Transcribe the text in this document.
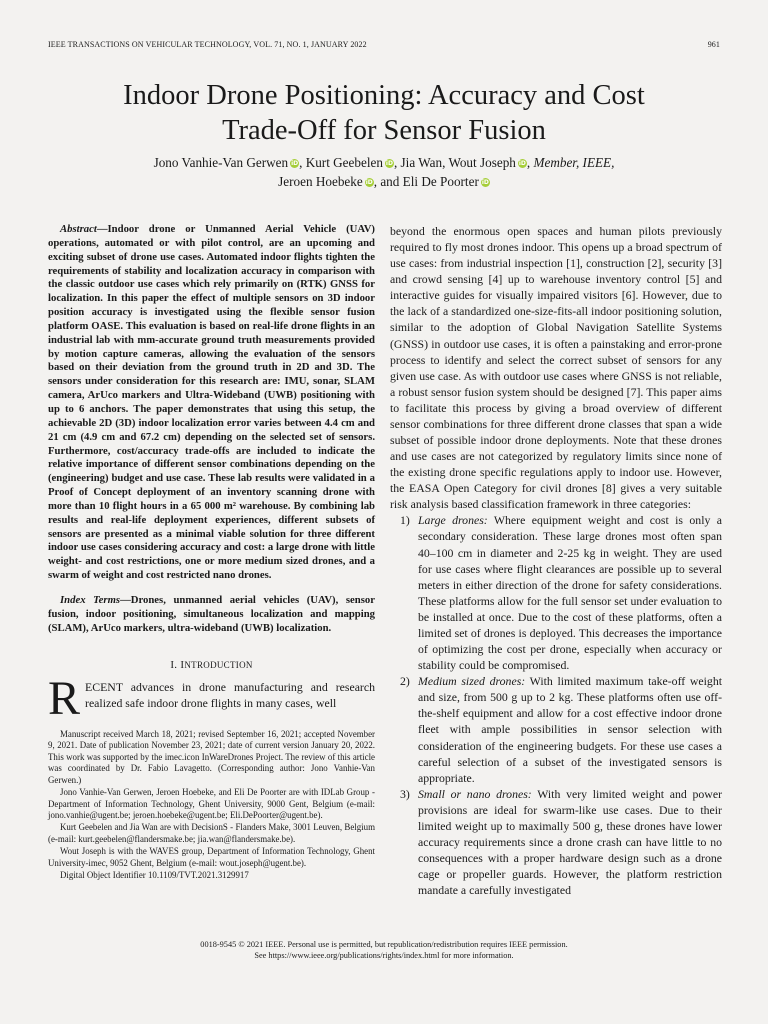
IEEE TRANSACTIONS ON VEHICULAR TECHNOLOGY, VOL. 71, NO. 1, JANUARY 2022	961
Indoor Drone Positioning: Accuracy and Cost
Trade-Off for Sensor Fusion
Jono Vanhie-Van Gerwen iD, Kurt Geebelen iD, Jia Wan, Wout Joseph iD, Member, IEEE,
Jeroen Hoebeke iD, and Eli De Poorter iD

Abstract—Indoor drone or Unmanned Aerial Vehicle (UAV) operations, automated or with pilot control, are an upcoming and exciting subset of drone use cases. Automated indoor flights tighten the requirements of stability and localization accuracy in comparison with the classic outdoor use cases which rely primarily on (RTK) GNSS for localization. In this paper the effect of multiple sensors on 3D indoor position accuracy is investigated using the flexible sensor fusion platform OASE. This evaluation is based on real-life drone flights in an industrial lab with mm-accurate ground truth measurements provided by motion capture cameras, allowing the evaluation of the sensors based on their deviation from the ground truth in 2D and 3D. The sensors under consideration for this research are: IMU, sonar, SLAM camera, ArUco markers and Ultra-Wideband (UWB) positioning with up to 6 anchors. The paper demonstrates that using this setup, the achievable 2D (3D) indoor localization error varies between 4.4 cm and 21 cm (4.9 cm and 67.2 cm) depending on the selected set of sensors. Furthermore, cost/accuracy trade-offs are included to indicate the relative importance of different sensor combinations depending on the (engineering) budget and use case. These lab results were validated in a Proof of Concept deployment of an inventory scanning drone with more than 10 flight hours in a 65 000 m² warehouse. By combining lab results and real-life deployment experiences, different subsets of sensors are presented as a minimal viable solution for three different indoor use cases considering accuracy and cost: a large drone with little weight- and cost restrictions, one or more medium sized drones, and a swarm of weight and cost restricted nano drones.

Index Terms—Drones, unmanned aerial vehicles (UAV), sensor fusion, indoor positioning, simultaneous localization and mapping (SLAM), ArUco markers, ultra-wideband (UWB) localization.

I. INTRODUCTION

RECENT advances in drone manufacturing and research realized safe indoor drone flights in many cases, well

Manuscript received March 18, 2021; revised September 16, 2021; accepted November 9, 2021. Date of publication November 23, 2021; date of current version January 20, 2022. This work was supported by the imec.icon InWareDrones Project. The review of this article was coordinated by Dr. Fabio Lavagetto. (Corresponding author: Jono Vanhie-Van Gerwen.)

Jono Vanhie-Van Gerwen, Jeroen Hoebeke, and Eli De Poorter are with IDLab Group - Department of Information Technology, Ghent University, 9000 Gent, Belgium (e-mail: jono.vanhie@ugent.be; jeroen.hoebeke@ugent.be; Eli.DePoorter@ugent.be).

Kurt Geebelen and Jia Wan are with DecisionS - Flanders Make, 3001 Leuven, Belgium (e-mail: kurt.geebelen@flandersmake.be; jia.wan@flandersmake.be).

Wout Joseph is with the WAVES group, Department of Information Technology, Ghent University-imec, 9052 Ghent, Belgium (e-mail: wout.joseph@ugent.be).

Digital Object Identifier 10.1109/TVT.2021.3129917

beyond the enormous open spaces and human pilots previously required to fly most drones indoor. This opens up a broad spectrum of use cases: from industrial inspection [1], construction [2], security [3] and crowd sensing [4] up to warehouse inventory control [5] and interactive guides for visually impaired visitors [6]. However, due to the lack of a standardized one-size-fits-all indoor positioning solution, similar to the adoption of Global Navigation Satellite Systems (GNSS) in outdoor use cases, it is often a painstaking and error-prone process to identify and select the correct subset of sensors for any given use case. As with outdoor use cases where GNSS is not reliable, a robust sensor fusion system should be designed [7]. This paper aims to facilitate this process by giving a broad overview of different sensor combinations for three different drone classes that span a wide subset of possible indoor drone deployments. Note that these drones and use cases are not categorized by regulatory limits since none of the existing drone specific regulations apply to indoor use. However, the EASA Open Category for civil drones [8] gives a very suitable risk analysis based classification framework in three categories:

1) Large drones: Where equipment weight and cost is only a secondary consideration. These large drones most often span 40–100 cm in diameter and 2-25 kg in weight. They are used for use cases where flight clearances are possible up to several meters in either direction of the drone for safety considerations. These platforms allow for the full sensor set under evaluation to be installed at once. Due to the cost of these platforms, often a limited set of drones is deployed. This decreases the importance of optimizing the cost per drone, especially when accuracy or stability could be compromised.
2) Medium sized drones: With limited maximum take-off weight and size, from 500 g up to 2 kg. These platforms often use off-the-shelf equipment and allow for a cost effective indoor drone fleet with ample possibilities in sensor selection with consideration of the engineering budgets. For these use cases a careful selection of a subset of the investigated sensors is appropriate.
3) Small or nano drones: With very limited weight and power provisions are ideal for swarm-like use cases. Due to their limited weight up to maximally 500 g, these drones have lower accuracy requirements since a drone crash can have little to no consequences with a proper hardware design such as a drone cage or propeller guards. However, the platform restriction mandate a carefully investigated
0018-9545 © 2021 IEEE. Personal use is permitted, but republication/redistribution requires IEEE permission.
See https://www.ieee.org/publications/rights/index.html for more information.
